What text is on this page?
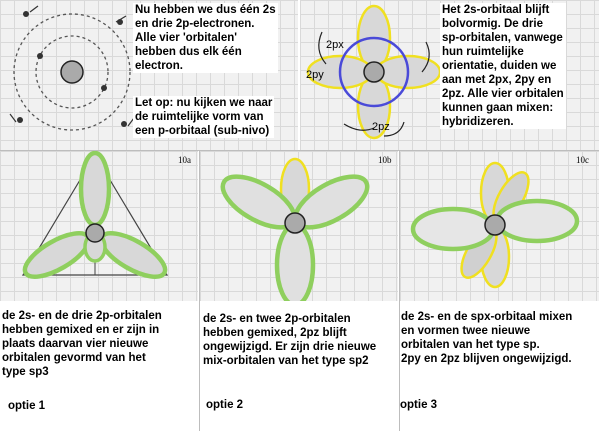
Nu hebben we dus één 2s
en drie 2p-electronen.
Alle vier 'orbitalen'
hebben dus elk één
electron.
Let op: nu kijken we naar
de ruimtelijke vorm van
een p-orbitaal (sub-nivo)
2px
2py
2pz
Het 2s-orbitaal blijft
bolvormig. De drie
sp-orbitalen, vanwege
hun ruimtelijke
orientatie, duiden we
aan met 2px, 2py en
2pz. Alle vier orbitalen
kunnen gaan mixen:
hybridizeren.
10a	10b	10c
de 2s- en de drie 2p-orbitalen
hebben gemixed en er zijn in
plaats daarvan vier nieuwe
orbitalen gevormd van het
type sp3
optie 1
de 2s- en twee 2p-orbitalen
hebben gemixed, 2pz blijft
ongewijzigd. Er zijn drie nieuwe
mix-orbitalen van het type sp2
optie 2
de 2s- en de spx-orbitaal mixen
en vormen twee nieuwe
orbitalen van het type sp.
2py en 2pz blijven ongewijzigd.
optie 3
